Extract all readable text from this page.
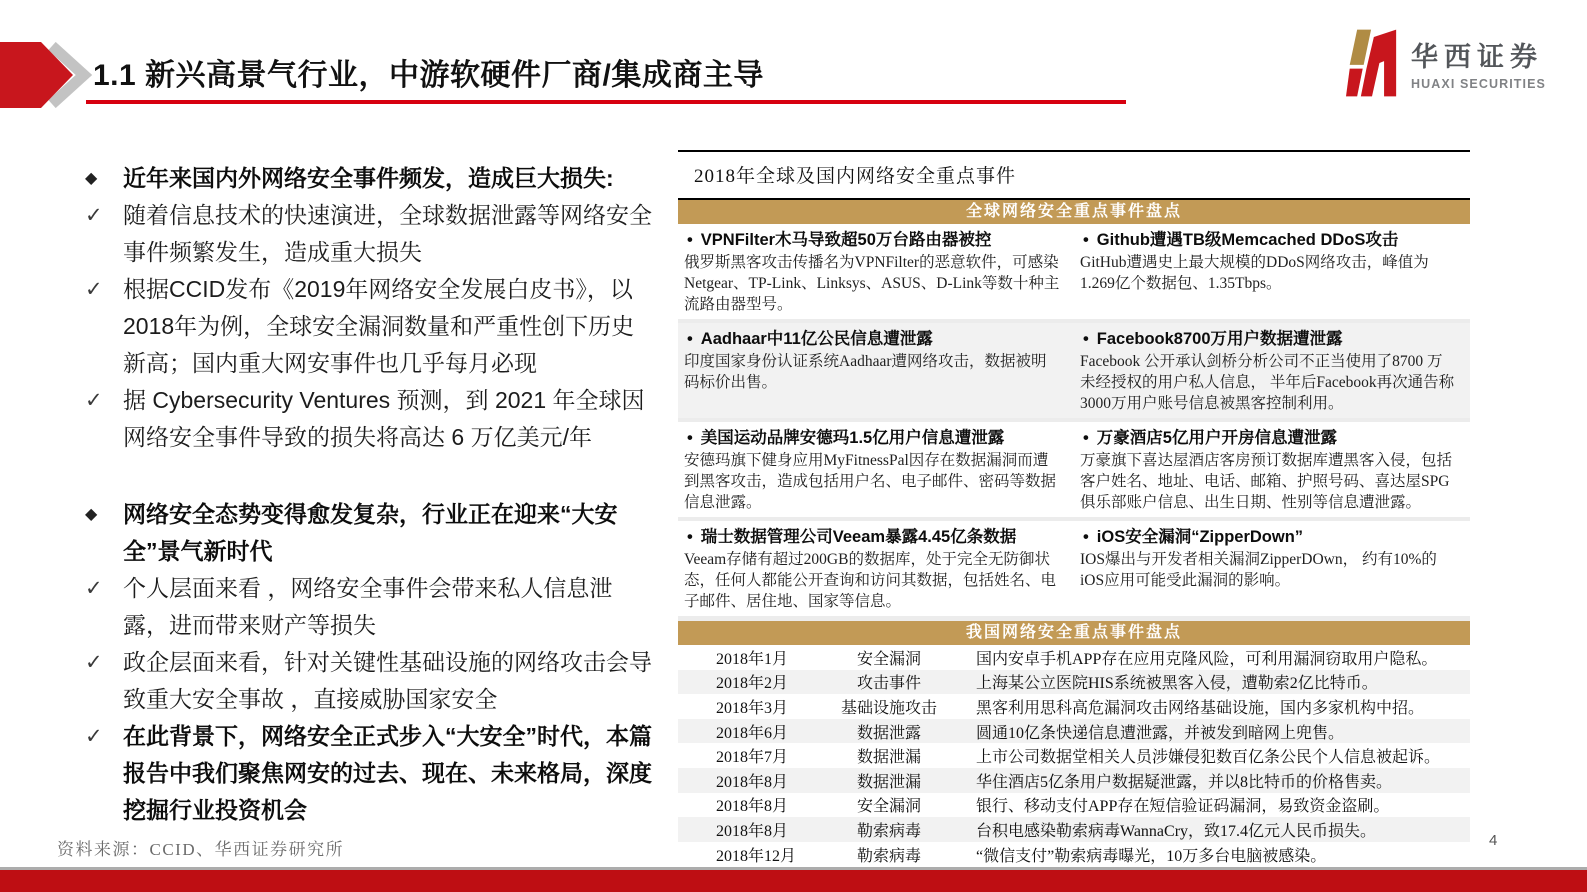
1.1 新兴高景气行业，中游软硬件厂商/集成商主导
华西证券
HUAXI SECURITIES
◆	近年来国内外网络安全事件频发，造成巨大损失:
✓ 随着信息技术的快速演进，全球数据泄露等网络安全事件频繁发生，造成重大损失
✓ 根据CCID发布《2019年网络安全发展白皮书》，以2018年为例，全球安全漏洞数量和严重性创下历史新高；国内重大网安事件也几乎每月必现
✓ 据 Cybersecurity Ventures 预测，到 2021 年全球因网络安全事件导致的损失将高达 6 万亿美元/年
◆	网络安全态势变得愈发复杂，行业正在迎来“大安全”景气新时代
✓ 个人层面来看 ，网络安全事件会带来私人信息泄露，进而带来财产等损失
✓ 政企层面来看，针对关键性基础设施的网络攻击会导致重大安全事故 ，直接威胁国家安全
✓ 在此背景下，网络安全正式步入“大安全”时代，本篇报告中我们聚焦网安的过去、现在、未来格局，深度挖掘行业投资机会
2018年全球及国内网络安全重点事件
全球网络安全重点事件盘点
• VPNFilter木马导致超50万台路由器被控
俄罗斯黑客攻击传播名为VPNFilter的恶意软件，可感染Netgear、TP-Link、Linksys、ASUS、D-Link等数十种主流路由器型号。
• Github遭遇TB级Memcached DDoS攻击
GitHub遭遇史上最大规模的DDoS网络攻击，峰值为1.269亿个数据包、1.35Tbps。
• Aadhaar中11亿公民信息遭泄露
印度国家身份认证系统Aadhaar遭网络攻击，数据被明码标价出售。
• Facebook8700万用户数据遭泄露
Facebook 公开承认剑桥分析公司不正当使用了8700 万未经授权的用户私人信息， 半年后Facebook再次通告称3000万用户账号信息被黑客控制利用。
• 美国运动品牌安德玛1.5亿用户信息遭泄露
安德玛旗下健身应用MyFitnessPal因存在数据漏洞而遭到黑客攻击，造成包括用户名、电子邮件、密码等数据信息泄露。
• 万豪酒店5亿用户开房信息遭泄露
万豪旗下喜达屋酒店客房预订数据库遭黑客入侵，包括客户姓名、地址、电话、邮箱、护照号码、喜达屋SPG俱乐部账户信息、出生日期、性别等信息遭泄露。
• 瑞士数据管理公司Veeam暴露4.45亿条数据
Veeam存储有超过200GB的数据库，处于完全无防御状态，任何人都能公开查询和访问其数据，包括姓名、电子邮件、居住地、国家等信息。
• iOS安全漏洞“ZipperDown”
IOS爆出与开发者相关漏洞ZipperDOwn， 约有10%的iOS应用可能受此漏洞的影响。
我国网络安全重点事件盘点
2018年1月	安全漏洞	国内安卓手机APP存在应用克隆风险，可利用漏洞窃取用户隐私。
2018年2月	攻击事件	上海某公立医院HIS系统被黑客入侵，遭勒索2亿比特币。
2018年3月	基础设施攻击	黑客利用思科高危漏洞攻击网络基础设施，国内多家机构中招。
2018年6月	数据泄露	圆通10亿条快递信息遭泄露，并被发到暗网上兜售。
2018年7月	数据泄漏	上市公司数据堂相关人员涉嫌侵犯数百亿条公民个人信息被起诉。
2018年8月	数据泄漏	华住酒店5亿条用户数据疑泄露，并以8比特币的价格售卖。
2018年8月	安全漏洞	银行、移动支付APP存在短信验证码漏洞，易致资金盗刷。
2018年8月	勒索病毒	台积电感染勒索病毒WannaCry，致17.4亿元人民币损失。
2018年12月	勒索病毒	“微信支付”勒索病毒曝光，10万多台电脑被感染。
资料来源：CCID、华西证券研究所	4
